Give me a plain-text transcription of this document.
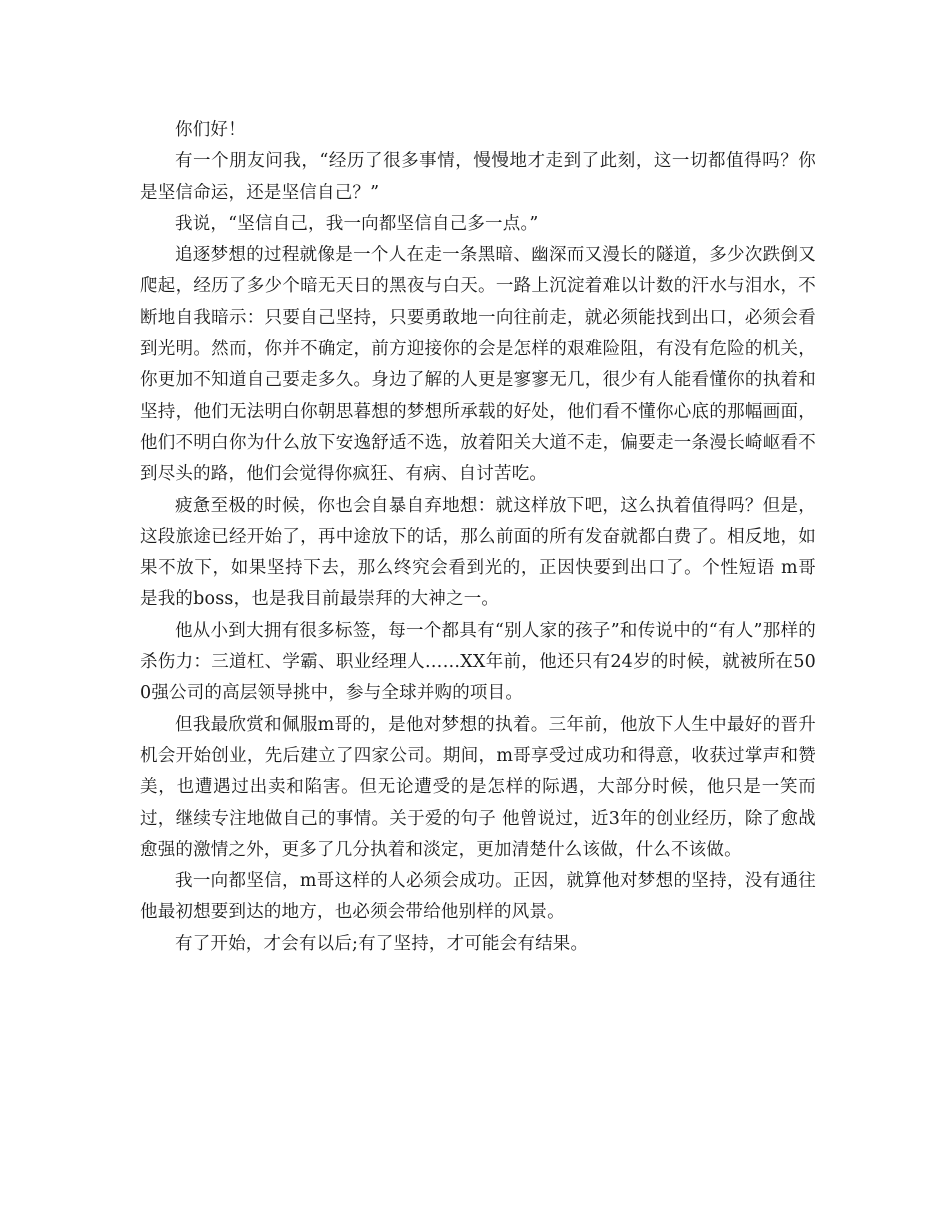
你们好！

有一个朋友问我，“经历了很多事情，慢慢地才走到了此刻，这一切都值得吗？你是坚信命运，还是坚信自己？”

我说，“坚信自己，我一向都坚信自己多一点。”

追逐梦想的过程就像是一个人在走一条黑暗、幽深而又漫长的隧道，多少次跌倒又爬起，经历了多少个暗无天日的黑夜与白天。一路上沉淀着难以计数的汗水与泪水，不断地自我暗示：只要自己坚持，只要勇敢地一向往前走，就必须能找到出口，必须会看到光明。然而，你并不确定，前方迎接你的会是怎样的艰难险阻，有没有危险的机关，你更加不知道自己要走多久。身边了解的人更是寥寥无几，很少有人能看懂你的执着和坚持，他们无法明白你朝思暮想的梦想所承载的好处，他们看不懂你心底的那幅画面，他们不明白你为什么放下安逸舒适不选，放着阳关大道不走，偏要走一条漫长崎岖看不到尽头的路，他们会觉得你疯狂、有病、自讨苦吃。

疲惫至极的时候，你也会自暴自弃地想：就这样放下吧，这么执着值得吗？但是，这段旅途已经开始了，再中途放下的话，那么前面的所有发奋就都白费了。相反地，如果不放下，如果坚持下去，那么终究会看到光的，正因快要到出口了。个性短语 m哥是我的boss，也是我目前最崇拜的大神之一。

他从小到大拥有很多标签，每一个都具有“别人家的孩子”和传说中的“有人”那样的杀伤力：三道杠、学霸、职业经理人……XX年前，他还只有24岁的时候，就被所在500强公司的高层领导挑中，参与全球并购的项目。

但我最欣赏和佩服m哥的，是他对梦想的执着。三年前，他放下人生中最好的晋升机会开始创业，先后建立了四家公司。期间，m哥享受过成功和得意，收获过掌声和赞美，也遭遇过出卖和陷害。但无论遭受的是怎样的际遇，大部分时候，他只是一笑而过，继续专注地做自己的事情。关于爱的句子 他曾说过，近3年的创业经历，除了愈战愈强的激情之外，更多了几分执着和淡定，更加清楚什么该做，什么不该做。

我一向都坚信，m哥这样的人必须会成功。正因，就算他对梦想的坚持，没有通往他最初想要到达的地方，也必须会带给他别样的风景。

有了开始，才会有以后;有了坚持，才可能会有结果。
